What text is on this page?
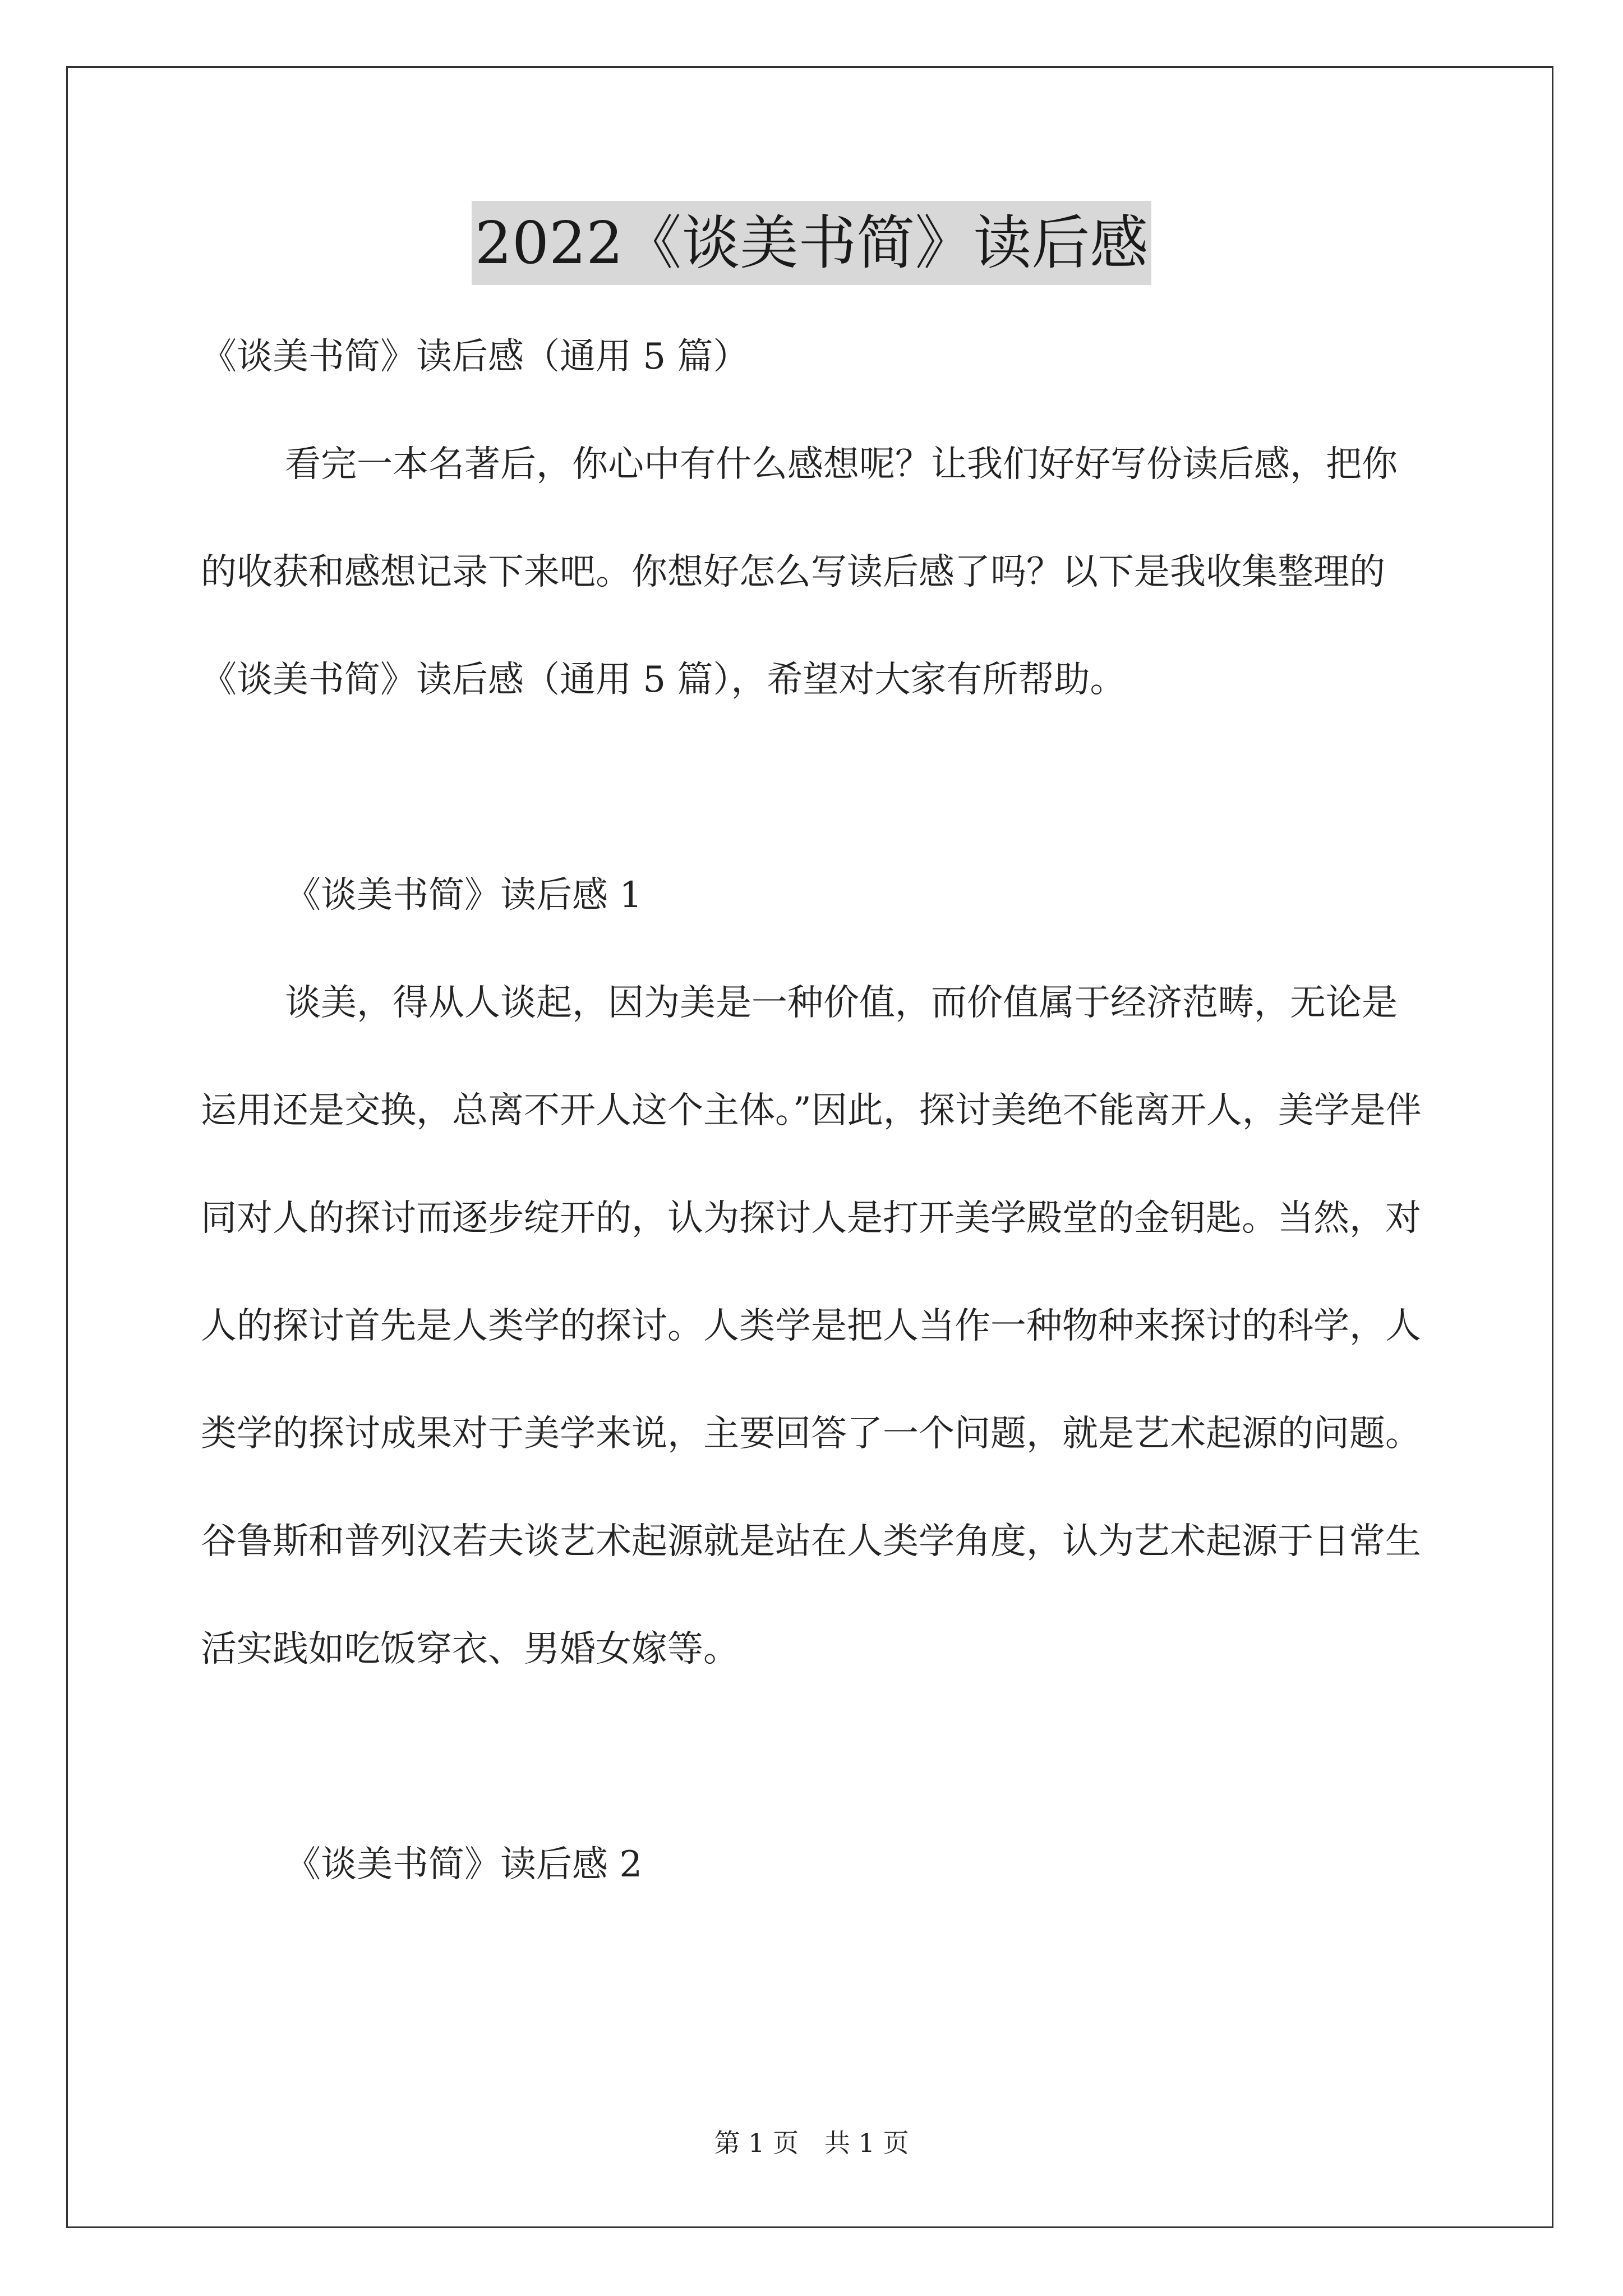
2022《谈美书简》读后感

《谈美书简》读后感（通用 5 篇）

看完一本名著后，你心中有什么感想呢？让我们好好写份读后感，把你的收获和感想记录下来吧。你想好怎么写读后感了吗？以下是我收集整理的《谈美书简》读后感（通用 5 篇），希望对大家有所帮助。

《谈美书简》读后感 1

谈美，得从人谈起，因为美是一种价值，而价值属于经济范畴，无论是运用还是交换，总离不开人这个主体。”因此，探讨美绝不能离开人，美学是伴同对人的探讨而逐步绽开的，认为探讨人是打开美学殿堂的金钥匙。当然，对人的探讨首先是人类学的探讨。人类学是把人当作一种物种来探讨的科学，人类学的探讨成果对于美学来说，主要回答了一个问题，就是艺术起源的问题。谷鲁斯和普列汉若夫谈艺术起源就是站在人类学角度，认为艺术起源于日常生活实践如吃饭穿衣、男婚女嫁等。

《谈美书简》读后感 2

第 1 页　共 1 页
